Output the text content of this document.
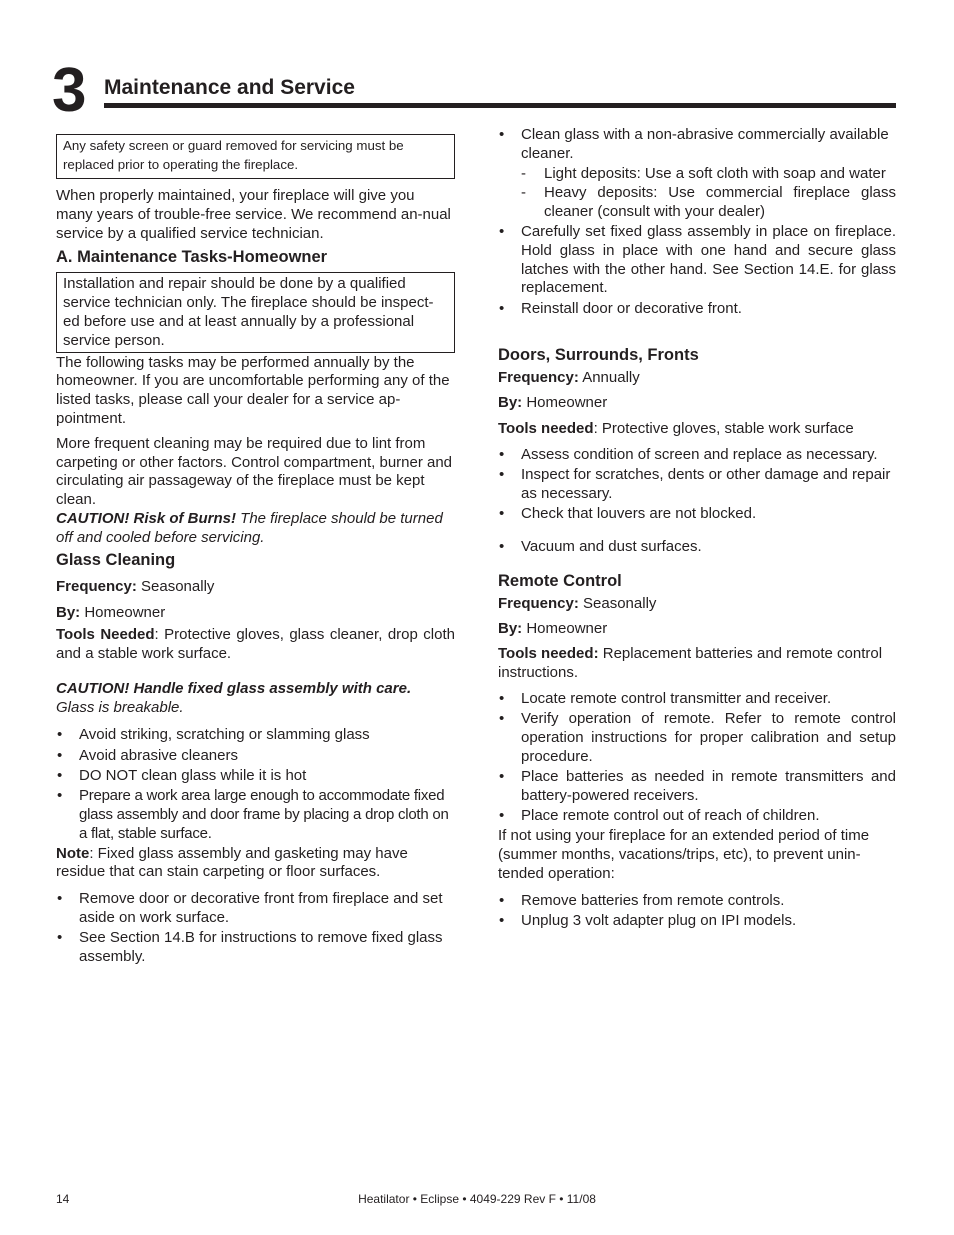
3 Maintenance and Service
Any safety screen or guard removed for servicing must be replaced prior to operating the fireplace.
When properly maintained, your fireplace will give you many years of trouble-free service. We recommend an-nual service by a qualified service technician.
A. Maintenance Tasks-Homeowner
Installation and repair should be done by a qualified service technician only. The fireplace should be inspect-ed before use and at least annually by a professional service person.
The following tasks may be performed annually by the homeowner. If you are uncomfortable performing any of the listed tasks, please call your dealer for a service ap-pointment.
More frequent cleaning may be required due to lint from carpeting or other factors. Control compartment, burner and circulating air passageway of the fireplace must be kept clean.
CAUTION! Risk of Burns! The fireplace should be turned off and cooled before servicing.
Glass Cleaning
Frequency: Seasonally
By: Homeowner
Tools Needed: Protective gloves, glass cleaner, drop cloth and a stable work surface.
CAUTION! Handle fixed glass assembly with care.
Glass is breakable.
• Avoid striking, scratching or slamming glass
• Avoid abrasive cleaners
• DO NOT clean glass while it is hot
• Prepare a work area large enough to accommodate fixed glass assembly and door frame by placing a drop cloth on a flat, stable surface.
Note: Fixed glass assembly and gasketing may have residue that can stain carpeting or floor surfaces.
• Remove door or decorative front from fireplace and set aside on work surface.
• See Section 14.B for instructions to remove fixed glass assembly.
• Clean glass with a non-abrasive commercially available cleaner.
- Light deposits: Use a soft cloth with soap and water
- Heavy deposits: Use commercial fireplace glass cleaner (consult with your dealer)
• Carefully set fixed glass assembly in place on fireplace. Hold glass in place with one hand and secure glass latches with the other hand. See Section 14.E. for glass replacement.
• Reinstall door or decorative front.
Doors, Surrounds, Fronts
Frequency: Annually
By: Homeowner
Tools needed: Protective gloves, stable work surface
• Assess condition of screen and replace as necessary.
• Inspect for scratches, dents or other damage and repair as necessary.
• Check that louvers are not blocked.
• Vacuum and dust surfaces.
Remote Control
Frequency: Seasonally
By: Homeowner
Tools needed: Replacement batteries and remote control instructions.
• Locate remote control transmitter and receiver.
• Verify operation of remote. Refer to remote control operation instructions for proper calibration and setup procedure.
• Place batteries as needed in remote transmitters and battery-powered receivers.
• Place remote control out of reach of children.
If not using your fireplace for an extended period of time (summer months, vacations/trips, etc), to prevent unin-tended operation:
• Remove batteries from remote controls.
• Unplug 3 volt adapter plug on IPI models.
14	Heatilator • Eclipse • 4049-229 Rev F • 11/08
